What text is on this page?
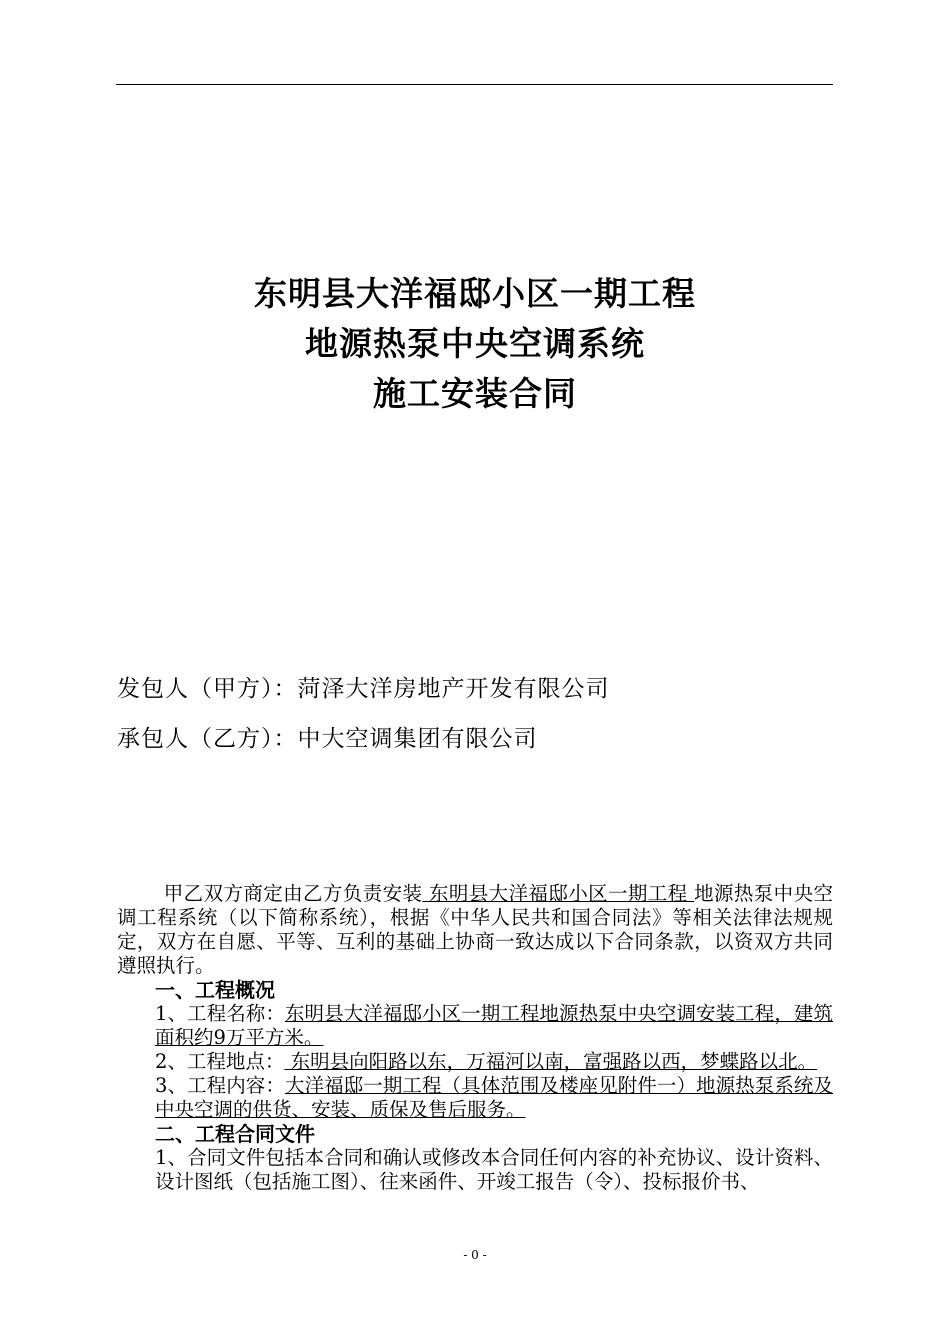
东明县大洋福邸小区一期工程
地源热泵中央空调系统
施工安装合同
发包人（甲方）：菏泽大洋房地产开发有限公司
承包人（乙方）：中大空调集团有限公司

甲乙双方商定由乙方负责安装 东明县大洋福邸小区一期工程 地源热泵中央空调工程系统（以下简称系统），根据《中华人民共和国合同法》等相关法律法规规定，双方在自愿、平等、互利的基础上协商一致达成以下合同条款，以资双方共同遵照执行。

一、工程概况

1、工程名称：东明县大洋福邸小区一期工程地源热泵中央空调安装工程，建筑面积约9万平方米。

2、工程地点： 东明县向阳路以东，万福河以南，富强路以西，梦蝶路以北。

3、工程内容：大洋福邸一期工程（具体范围及楼座见附件一）地源热泵系统及中央空调的供货、安装、质保及售后服务。

二、工程合同文件

1、合同文件包括本合同和确认或修改本合同任何内容的补充协议、设计资料、设计图纸（包括施工图）、往来函件、开竣工报告（令）、投标报价书、

- 0 -
